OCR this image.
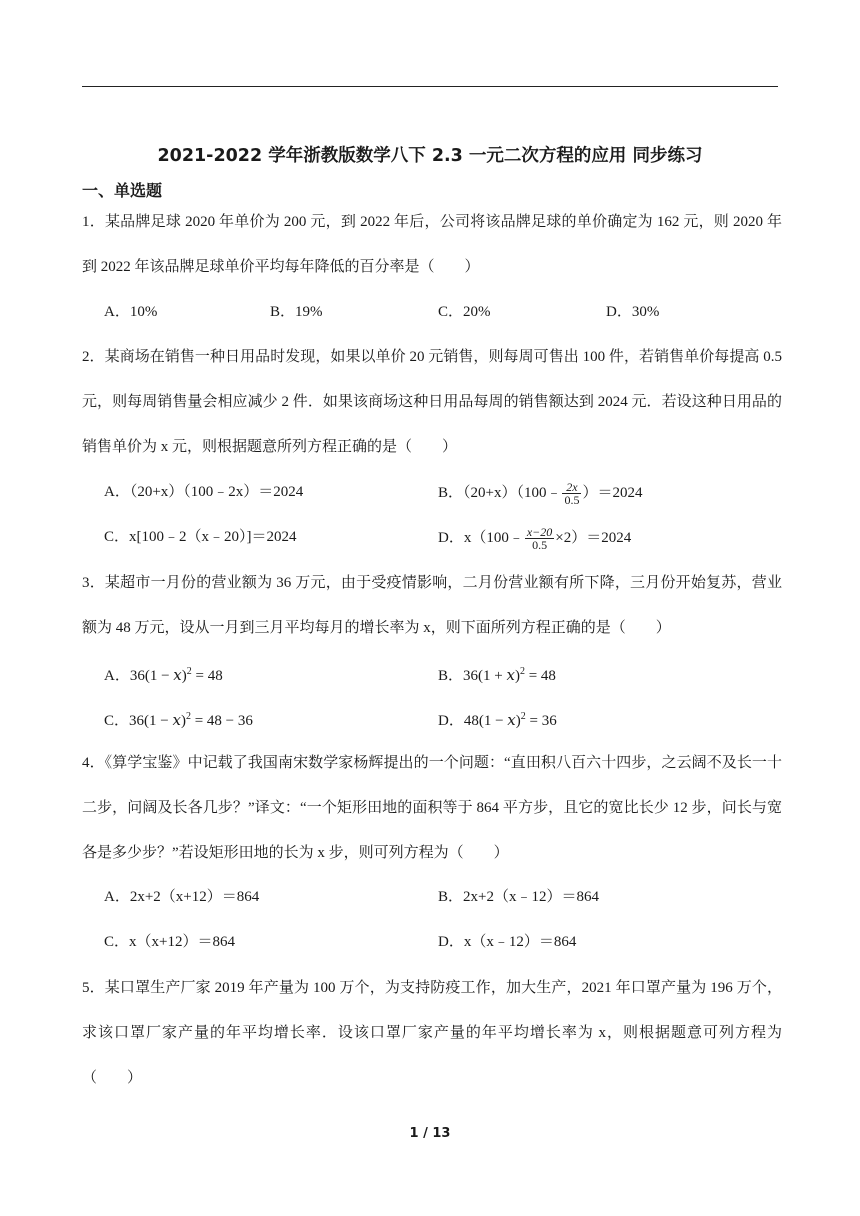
2021-2022 学年浙教版数学八下 2.3 一元二次方程的应用 同步练习
一、单选题
1．某品牌足球 2020 年单价为 200 元，到 2022 年后，公司将该品牌足球的单价确定为 162 元，则 2020 年到 2022 年该品牌足球单价平均每年降低的百分率是（　　）
A．10%	B．19%	C．20%	D．30%
2．某商场在销售一种日用品时发现，如果以单价 20 元销售，则每周可售出 100 件，若销售单价每提高 0.5 元，则每周销售量会相应减少 2 件．如果该商场这种日用品每周的销售额达到 2024 元．若设这种日用品的销售单价为 x 元，则根据题意所列方程正确的是（　　）
A．（20+x）（100﹣2x）＝2024	B．（20+x）（100﹣ $\frac{2x}{0.5} )=2024$
C．x[100﹣2（x﹣20）]＝2024	D．x（100﹣ $\frac{x-20}{0.5} \times 2)=2024$
3．某超市一月份的营业额为 36 万元，由于受疫情影响，二月份营业额有所下降，三月份开始复苏，营业额为 48 万元，设从一月到三月平均每月的增长率为 x，则下面所列方程正确的是（　　）
A．$36(1 - x)^2 = 48$	B．$36(1 + x)^2 = 48$
C．$36(1 - x)^2 = 48 - 36$	D．$48(1 - x)^2 = 36$
4．《算学宝鉴》中记载了我国南宋数学家杨辉提出的一个问题：“直田积八百六十四步，之云阔不及长一十二步，问阔及长各几步？”译文：“一个矩形田地的面积等于 864 平方步，且它的宽比长少 12 步，问长与宽各是多少步？”若设矩形田地的长为 x 步，则可列方程为（　　）
A．2x+2（x+12）＝864	B．2x+2（x﹣12）＝864
C．x（x+12）＝864	D．x（x﹣12）＝864
5．某口罩生产厂家 2019 年产量为 100 万个，为支持防疫工作，加大生产，2021 年口罩产量为 196 万个，求该口罩厂家产量的年平均增长率．设该口罩厂家产量的年平均增长率为 x，则根据题意可列方程为（　　）
1 / 13
